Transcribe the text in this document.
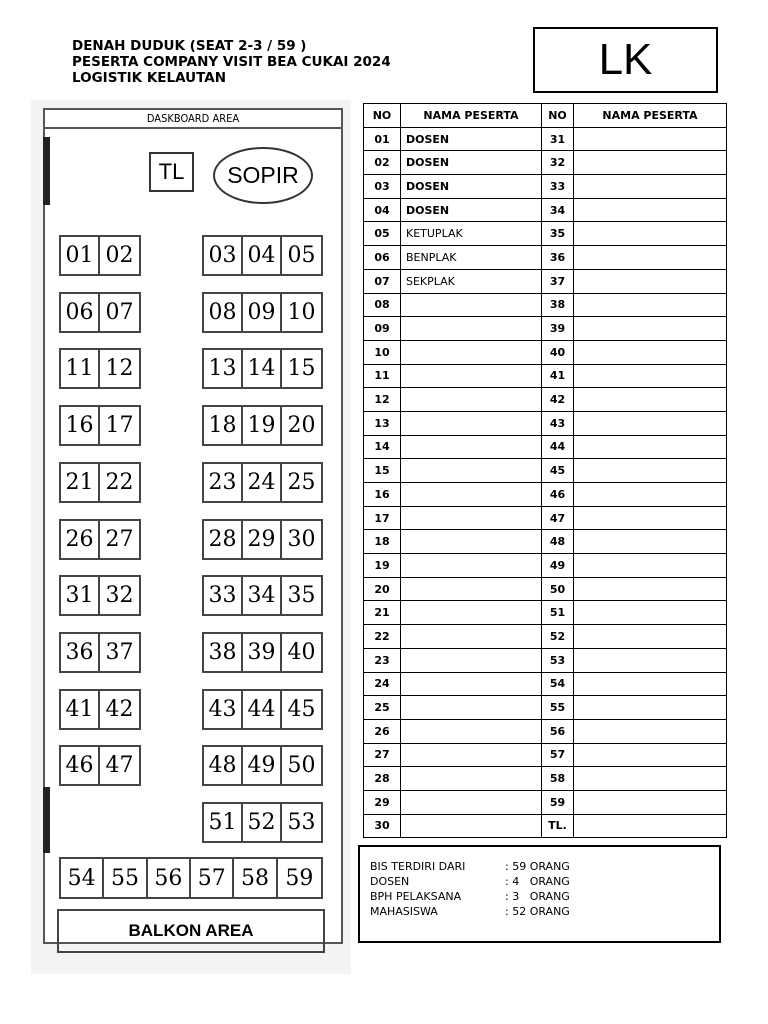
DENAH DUDUK (SEAT 2-3 / 59 )
PESERTA COMPANY VISIT BEA CUKAI 2024
LOGISTIK KELAUTAN	LK
DASKBOARD AREA
TL	SOPIR
01 02	03 04 05
06 07	08 09 10
11 12	13 14 15
16 17	18 19 20
21 22	23 24 25
26 27	28 29 30
31 32	33 34 35
36 37	38 39 40
41 42	43 44 45
46 47	48 49 50
51 52 53
54 55 56 57 58 59
BALKON AREA
NO	NAMA PESERTA	NO	NAMA PESERTA
01	DOSEN	31	
02	DOSEN	32	
03	DOSEN	33	
04	DOSEN	34	
05	KETUPLAK	35	
06	BENPLAK	36	
07	SEKPLAK	37	
08		38	
09		39	
10		40	
11		41	
12		42	
13		43	
14		44	
15		45	
16		46	
17		47	
18		48	
19		49	
20		50	
21		51	
22		52	
23		53	
24		54	
25		55	
26		56	
27		57	
28		58	
29		59	
30		TL.	
BIS TERDIRI DARI	: 59 ORANG
DOSEN	: 4   ORANG
BPH PELAKSANA	: 3   ORANG
MAHASISWA	: 52 ORANG
